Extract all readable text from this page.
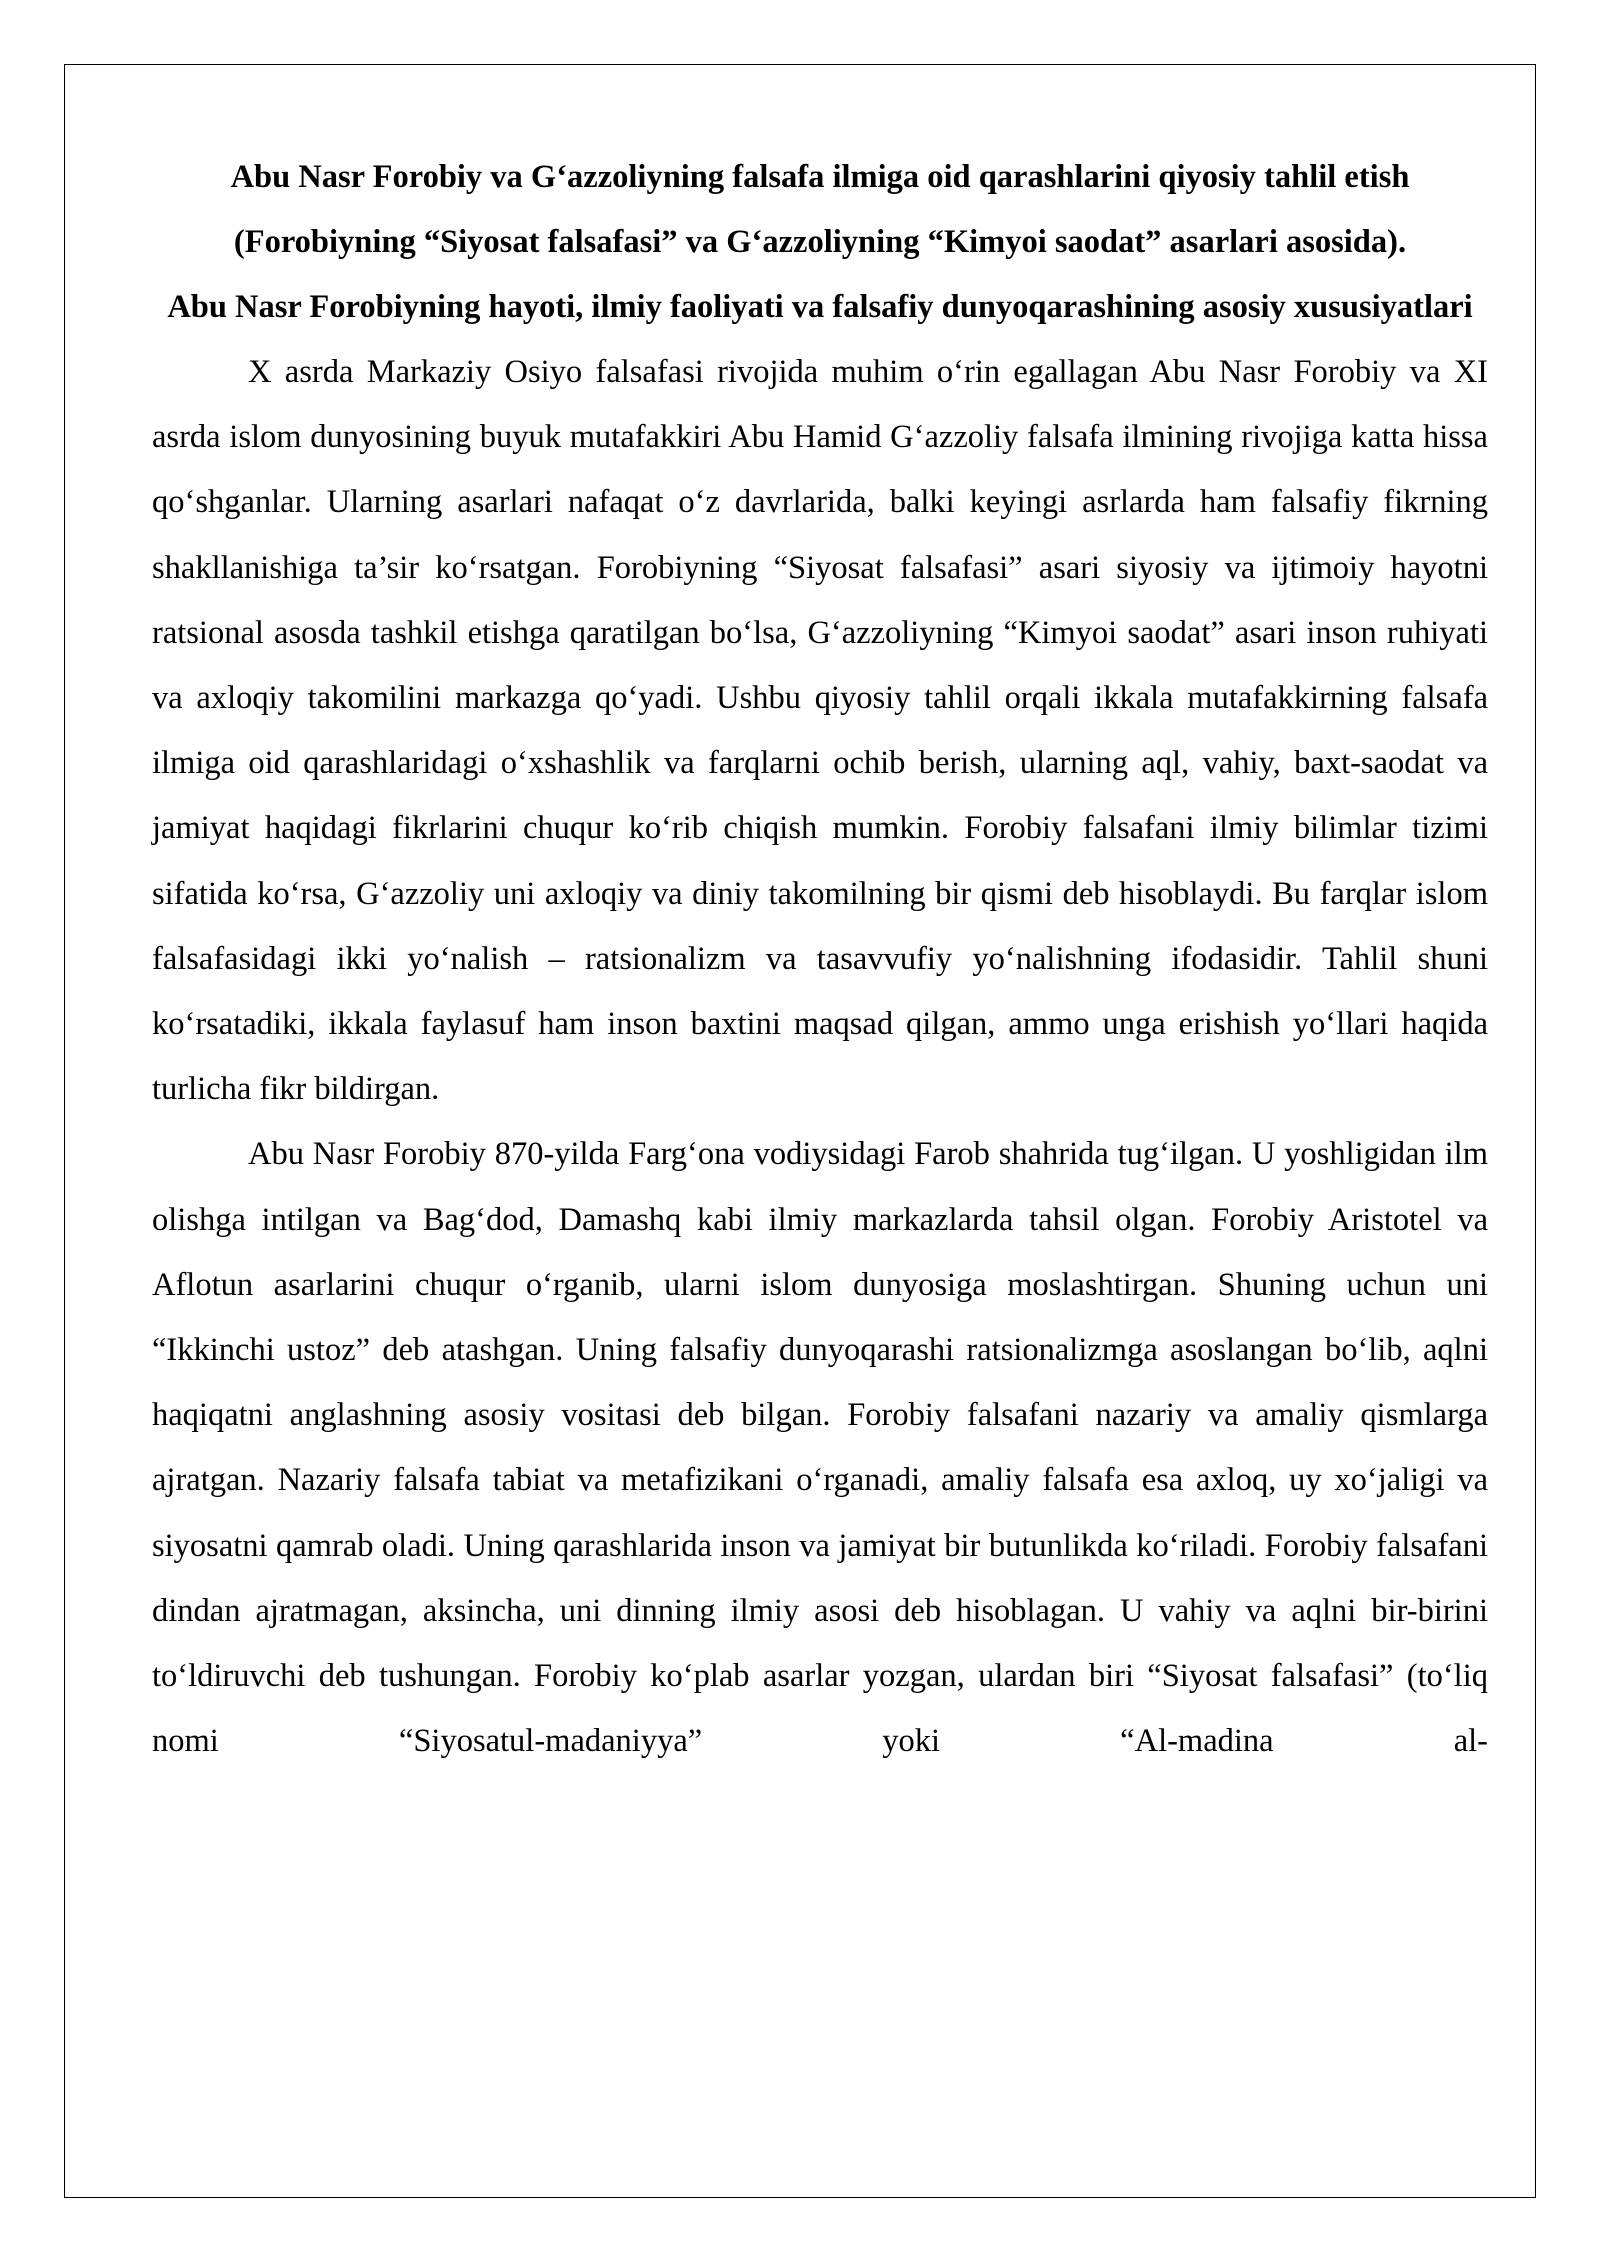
Abu Nasr Forobiy va G‘azzoliyning falsafa ilmiga oid qarashlarini qiyosiy tahlil etish (Forobiyning “Siyosat falsafasi” va G‘azzoliyning “Kimyoi saodat” asarlari asosida).

Abu Nasr Forobiyning hayoti, ilmiy faoliyati va falsafiy dunyoqarashining asosiy xususiyatlari

X asrda Markaziy Osiyo falsafasi rivojida muhim o‘rin egallagan Abu Nasr Forobiy va XI asrda islom dunyosining buyuk mutafakkiri Abu Hamid G‘azzoliy falsafa ilmining rivojiga katta hissa qo‘shganlar. Ularning asarlari nafaqat o‘z davrlarida, balki keyingi asrlarda ham falsafiy fikrning shakllanishiga ta’sir ko‘rsatgan. Forobiyning “Siyosat falsafasi” asari siyosiy va ijtimoiy hayotni ratsional asosda tashkil etishga qaratilgan bo‘lsa, G‘azzoliyning “Kimyoi saodat” asari inson ruhiyati va axloqiy takomilini markazga qo‘yadi. Ushbu qiyosiy tahlil orqali ikkala mutafakkirning falsafa ilmiga oid qarashlaridagi o‘xshashlik va farqlarni ochib berish, ularning aql, vahiy, baxt-saodat va jamiyat haqidagi fikrlarini chuqur ko‘rib chiqish mumkin. Forobiy falsafani ilmiy bilimlar tizimi sifatida ko‘rsa, G‘azzoliy uni axloqiy va diniy takomilning bir qismi deb hisoblaydi. Bu farqlar islom falsafasidagi ikki yo‘nalish – ratsionalizm va tasavvufiy yo‘nalishning ifodasidir. Tahlil shuni ko‘rsatadiki, ikkala faylasuf ham inson baxtini maqsad qilgan, ammo unga erishish yo‘llari haqida turlicha fikr bildirgan.

Abu Nasr Forobiy 870-yilda Farg‘ona vodiysidagi Farob shahrida tug‘ilgan. U yoshligidan ilm olishga intilgan va Bag‘dod, Damashq kabi ilmiy markazlarda tahsil olgan. Forobiy Aristotel va Aflotun asarlarini chuqur o‘rganib, ularni islom dunyosiga moslashtirgan. Shuning uchun uni “Ikkinchi ustoz” deb atashgan. Uning falsafiy dunyoqarashi ratsionalizmga asoslangan bo‘lib, aqlni haqiqatni anglashning asosiy vositasi deb bilgan. Forobiy falsafani nazariy va amaliy qismlarga ajratgan. Nazariy falsafa tabiat va metafizikani o‘rganadi, amaliy falsafa esa axloq, uy xo‘jaligi va siyosatni qamrab oladi. Uning qarashlarida inson va jamiyat bir butunlikda ko‘riladi. Forobiy falsafani dindan ajratmagan, aksincha, uni dinning ilmiy asosi deb hisoblagan. U vahiy va aqlni bir-birini to‘ldiruvchi deb tushungan. Forobiy ko‘plab asarlar yozgan, ulardan biri “Siyosat falsafasi” (to‘liq nomi “Siyosatul-madaniyya” yoki “Al-madina al-
